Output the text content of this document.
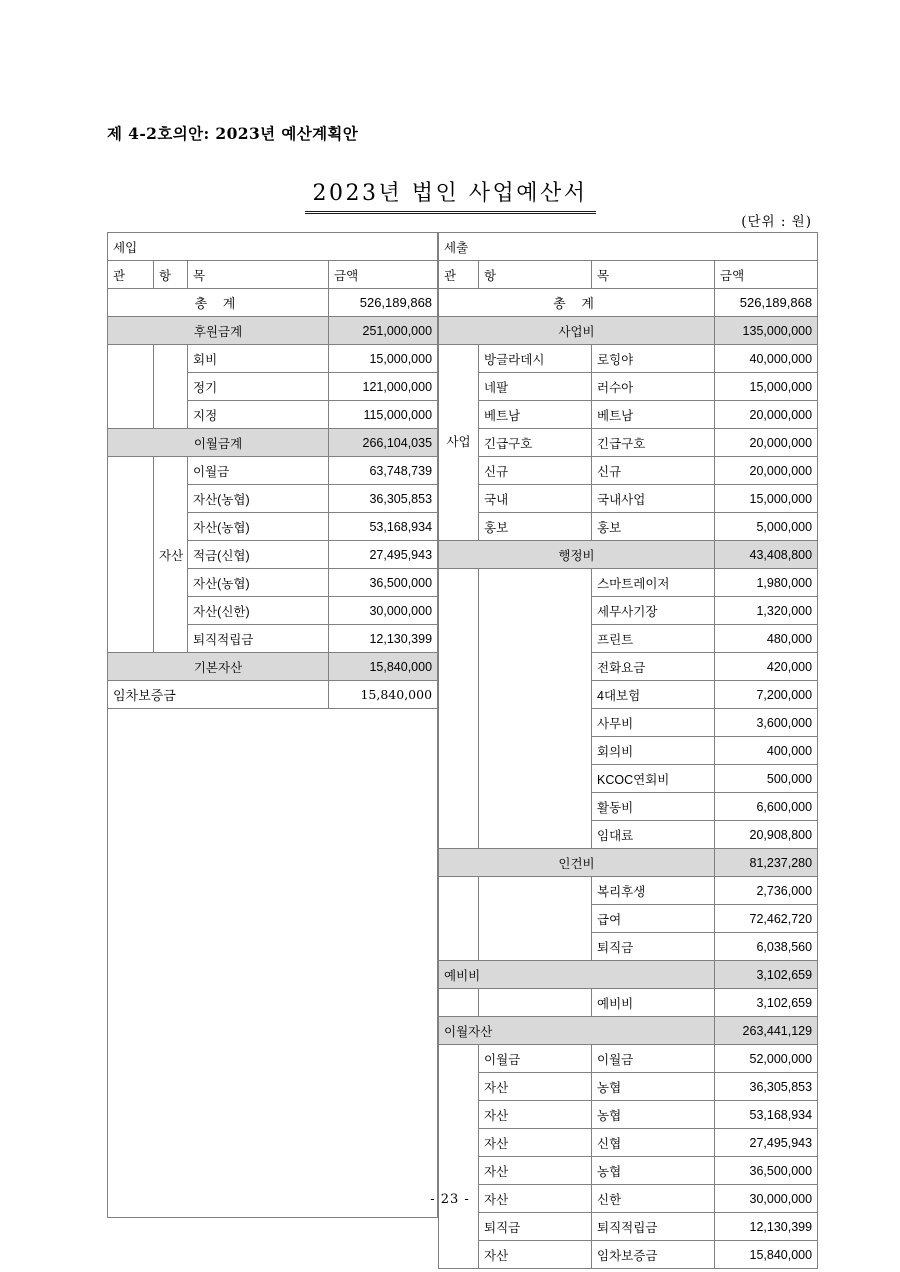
제 4-2호의안: 2023년 예산계획안
2023년 법인 사업예산서
(단위 : 원)
세입			
관	항	목	금액
총 계			526,189,868
후원금계			251,000,000
		회비	15,000,000
		정기	121,000,000
		지정	115,000,000
이월금계			266,104,035
	자산	이월금	63,748,739
		자산(농협)	36,305,853
		자산(농협)	53,168,934
		적금(신협)	27,495,943
		자산(농협)	36,500,000
		자산(신한)	30,000,000
		퇴직적립금	12,130,399
기본자산			15,840,000
임차보증금			15,840,000

세출			
관	항	목	금액
총 계			526,189,868
사업비			135,000,000
사업	방글라데시	로힝야	40,000,000
	네팔	러수아	15,000,000
	베트남	베트남	20,000,000
	긴급구호	긴급구호	20,000,000
	신규	신규	20,000,000
	국내	국내사업	15,000,000
	홍보	홍보	5,000,000
행정비			43,408,800
		스마트레이저	1,980,000
		세무사기장	1,320,000
		프린트	480,000
		전화요금	420,000
		4대보험	7,200,000
		사무비	3,600,000
		회의비	400,000
		KCOC연회비	500,000
		활동비	6,600,000
		임대료	20,908,800
인건비			81,237,280
		복리후생	2,736,000
		급여	72,462,720
		퇴직금	6,038,560
예비비			3,102,659
		예비비	3,102,659
이월자산			263,441,129
	이월금	이월금	52,000,000
	자산	농협	36,305,853
	자산	농협	53,168,934
	자산	신협	27,495,943
	자산	농협	36,500,000
	자산	신한	30,000,000
	퇴직금	퇴직적립금	12,130,399
	자산	임차보증금	15,840,000
- 23 -
